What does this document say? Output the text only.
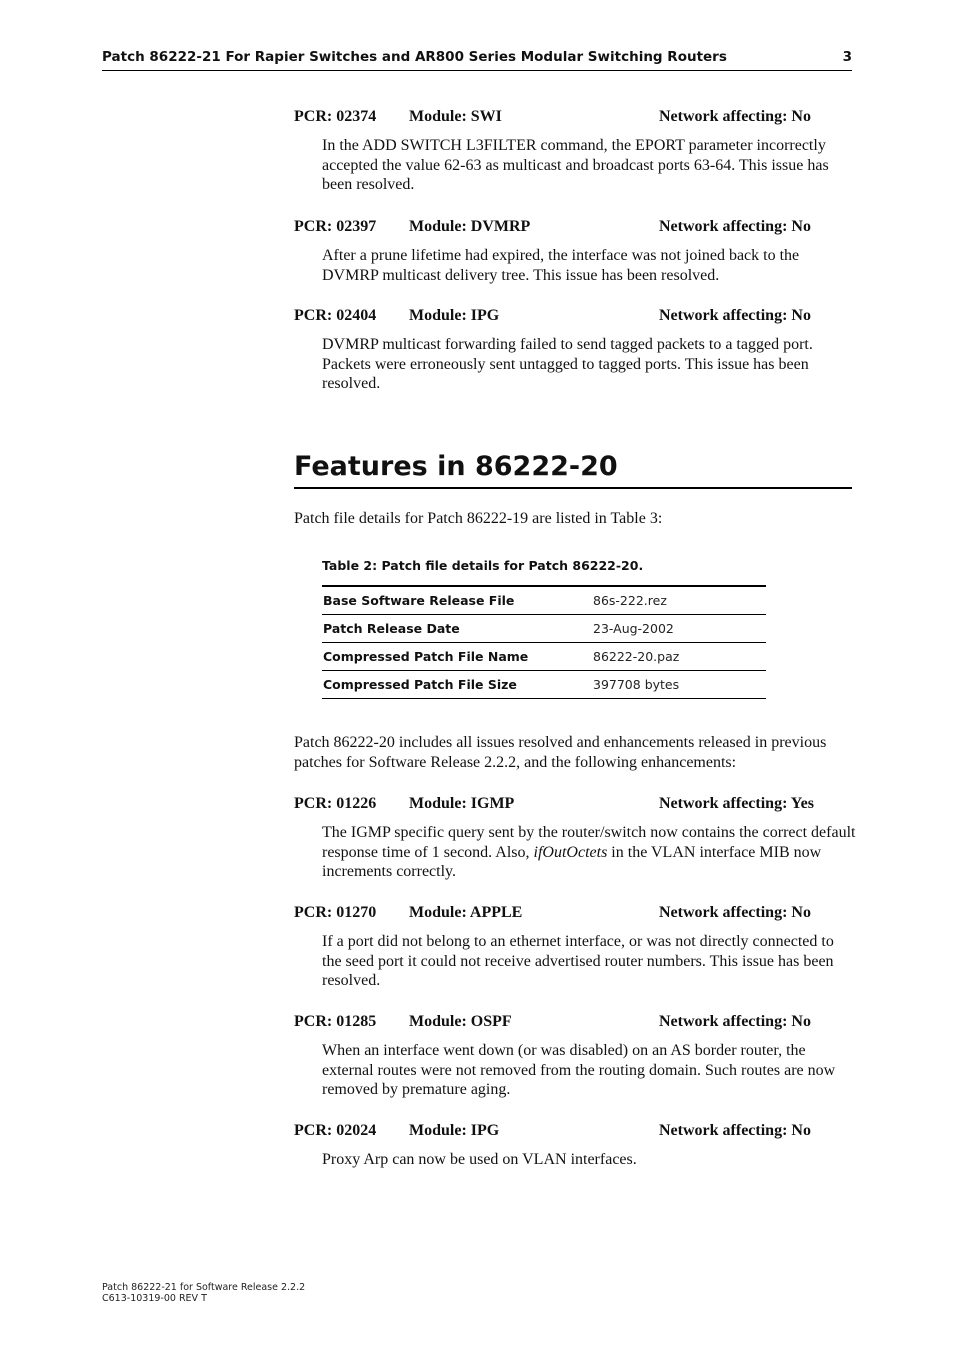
Patch 86222-21 For Rapier Switches and AR800 Series Modular Switching Routers	3
PCR: 02374 Module: SWI	Network affecting: No
In the ADD SWITCH L3FILTER command, the EPORT parameter incorrectly accepted the value 62-63 as multicast and broadcast ports 63-64. This issue has been resolved.
PCR: 02397 Module: DVMRP	Network affecting: No
After a prune lifetime had expired, the interface was not joined back to the DVMRP multicast delivery tree. This issue has been resolved.
PCR: 02404 Module: IPG	Network affecting: No
DVMRP multicast forwarding failed to send tagged packets to a tagged port. Packets were erroneously sent untagged to tagged ports. This issue has been resolved.
Features in 86222-20
Patch file details for Patch 86222-19 are listed in Table 3:
Table 2: Patch file details for Patch 86222-20.
Base Software Release File	86s-222.rez
Patch Release Date	23-Aug-2002
Compressed Patch File Name	86222-20.paz
Compressed Patch File Size	397708 bytes
Patch 86222-20 includes all issues resolved and enhancements released in previous patches for Software Release 2.2.2, and the following enhancements:
PCR: 01226 Module: IGMP	Network affecting: Yes
The IGMP specific query sent by the router/switch now contains the correct default response time of 1 second. Also, ifOutOctets in the VLAN interface MIB now increments correctly.
PCR: 01270 Module: APPLE	Network affecting: No
If a port did not belong to an ethernet interface, or was not directly connected to the seed port it could not receive advertised router numbers. This issue has been resolved.
PCR: 01285 Module: OSPF	Network affecting: No
When an interface went down (or was disabled) on an AS border router, the external routes were not removed from the routing domain. Such routes are now removed by premature aging.
PCR: 02024 Module: IPG	Network affecting: No
Proxy Arp can now be used on VLAN interfaces.
Patch 86222-21 for Software Release 2.2.2
C613-10319-00 REV T
